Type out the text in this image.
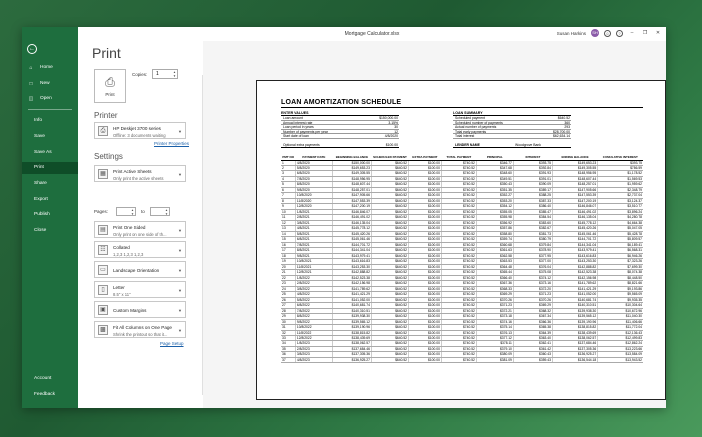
←
⌂	Home
□	New
◫ Open
Info
Save
Save As
Print
Share
Export
Publish
Close
Account
Feedback
Mortgage Calculator.xlsx	Susan Harkins	SH	☺	?	–	❐	✕
Print
⎙
Print
Copies:	1	▲
▼
Printer
⎙	HP Deskjet 3700 series
Offline: 3 documents waiting
▼
Printer Properties
Settings
▦	Print Active Sheets
Only print the active sheets
▼
Pages:	▲
▼	to	▲
▼
▤	Print One Sided
Only print on one side of th...
▼
☷	Collated
1,2,3 1,2,3 1,2,3
▼
▭	Landscape Orientation	▼
▯	Letter
8.5" x 11"
▼
▣	Custom Margins	▼
▩	Fit All Columns on One Page
Shrink the printout so that it...
▼
Page Setup
LOAN AMORTIZATION SCHEDULE
ENTER VALUES
Loan amount	$150,000.00
Annual interest rate	3.15%
Loan period in years	30
Number of payments per year	12
Start date of loan	4/8/2020
Optional extra payments	$100.00
LOAN SUMMARY
Scheduled payment	$640.52
Scheduled number of payments	360
Actual number of payments	293
Total early payments	$28,700.00
Total interest	$62,634.14
LENDER NAME	Woodgrove Bank
PMT NO	PAYMENT DATE	BEGINNING BALANCE	SCHEDULED PAYMENT	EXTRA PAYMENT	TOTAL PAYMENT	PRINCIPAL	INTEREST	ENDING BALANCE	CUMULATIVE INTEREST
1	4/8/2020	$150,000.00	$640.52	$100.00	$740.52	$346.77	$393.75	$149,653.23	$393.75
2	5/8/2020	$149,653.23	$640.52	$100.00	$740.52	$347.68	$392.84	$149,305.55	$786.59
3	6/8/2020	$149,305.55	$640.52	$100.00	$740.52	$348.60	$391.93	$148,956.95	$1,178.52
4	7/8/2020	$148,956.95	$640.52	$100.00	$740.52	$349.51	$391.01	$148,607.44	$1,569.53
5	8/8/2020	$148,607.44	$640.52	$100.00	$740.52	$350.43	$390.09	$148,257.01	$1,959.62
6	9/8/2020	$148,257.01	$640.52	$100.00	$740.52	$351.35	$389.17	$147,905.66	$2,348.79
7	10/8/2020	$147,905.66	$640.52	$100.00	$740.52	$352.27	$388.25	$147,553.39	$2,737.04
8	11/8/2020	$147,553.39	$640.52	$100.00	$740.52	$353.20	$387.33	$147,200.19	$3,124.37
9	12/8/2020	$147,200.19	$640.52	$100.00	$740.52	$354.12	$386.40	$146,846.07	$3,510.77
10	1/8/2021	$146,846.07	$640.52	$100.00	$740.52	$355.05	$385.47	$146,491.02	$3,896.24
11	2/8/2021	$146,491.02	$640.52	$100.00	$740.52	$355.98	$384.54	$146,135.04	$4,280.78
12	3/8/2021	$146,135.04	$640.52	$100.00	$740.52	$356.92	$383.60	$145,778.12	$4,664.38
13	4/8/2021	$145,778.12	$640.52	$100.00	$740.52	$357.86	$382.67	$145,420.26	$5,047.05
14	5/8/2021	$145,420.26	$640.52	$100.00	$740.52	$358.80	$381.73	$145,061.46	$5,428.78
15	6/8/2021	$145,061.46	$640.52	$100.00	$740.52	$359.74	$380.79	$144,701.72	$5,809.57
16	7/8/2021	$144,701.72	$640.52	$100.00	$740.52	$360.68	$379.84	$144,341.04	$6,189.41
17	8/8/2021	$144,341.04	$640.52	$100.00	$740.52	$361.63	$378.90	$143,979.41	$6,568.31
18	9/8/2021	$143,979.41	$640.52	$100.00	$740.52	$362.58	$377.95	$143,616.83	$6,946.26
19	10/8/2021	$143,616.83	$640.52	$100.00	$740.52	$363.53	$377.00	$143,253.30	$7,323.26
20	11/8/2021	$143,253.30	$640.52	$100.00	$740.52	$364.48	$376.04	$142,888.82	$7,699.30
21	12/8/2021	$142,888.82	$640.52	$100.00	$740.52	$365.44	$375.08	$142,523.38	$8,074.38
22	1/8/2022	$142,523.38	$640.52	$100.00	$740.52	$366.40	$374.12	$142,156.98	$8,448.50
23	2/8/2022	$142,156.98	$640.52	$100.00	$740.52	$367.36	$373.16	$141,789.62	$8,821.66
24	3/8/2022	$141,789.62	$640.52	$100.00	$740.52	$368.33	$372.20	$141,421.29	$9,193.86
25	4/8/2022	$141,421.29	$640.52	$100.00	$740.52	$369.29	$371.23	$141,052.00	$9,565.09
26	5/8/2022	$141,052.00	$640.52	$100.00	$740.52	$370.26	$370.26	$140,681.74	$9,935.35
27	6/8/2022	$140,681.74	$640.52	$100.00	$740.52	$371.23	$369.29	$140,310.51	$10,304.64
28	7/8/2022	$140,310.51	$640.52	$100.00	$740.52	$372.21	$368.32	$139,938.30	$10,672.96
29	8/8/2022	$139,938.30	$640.52	$100.00	$740.52	$373.18	$367.34	$139,565.12	$11,040.30
30	9/8/2022	$139,565.12	$640.52	$100.00	$740.52	$374.16	$366.36	$139,190.96	$11,406.66
31	10/8/2022	$139,190.96	$640.52	$100.00	$740.52	$375.14	$365.38	$138,815.82	$11,772.04
32	11/8/2022	$138,815.82	$640.52	$100.00	$740.52	$376.13	$364.39	$138,439.69	$12,136.43
33	12/8/2022	$138,439.69	$640.52	$100.00	$740.52	$377.12	$363.40	$138,062.57	$12,499.83
34	1/8/2023	$138,062.57	$640.52	$100.00	$740.52	$378.11	$362.41	$137,684.46	$12,862.24
35	2/8/2023	$137,684.46	$640.52	$100.00	$740.52	$379.10	$361.42	$137,305.36	$13,223.66
36	3/8/2023	$137,305.36	$640.52	$100.00	$740.52	$380.09	$360.43	$136,925.27	$13,584.09
37	4/8/2023	$136,925.27	$640.52	$100.00	$740.52	$381.09	$359.43	$136,544.18	$13,943.52
